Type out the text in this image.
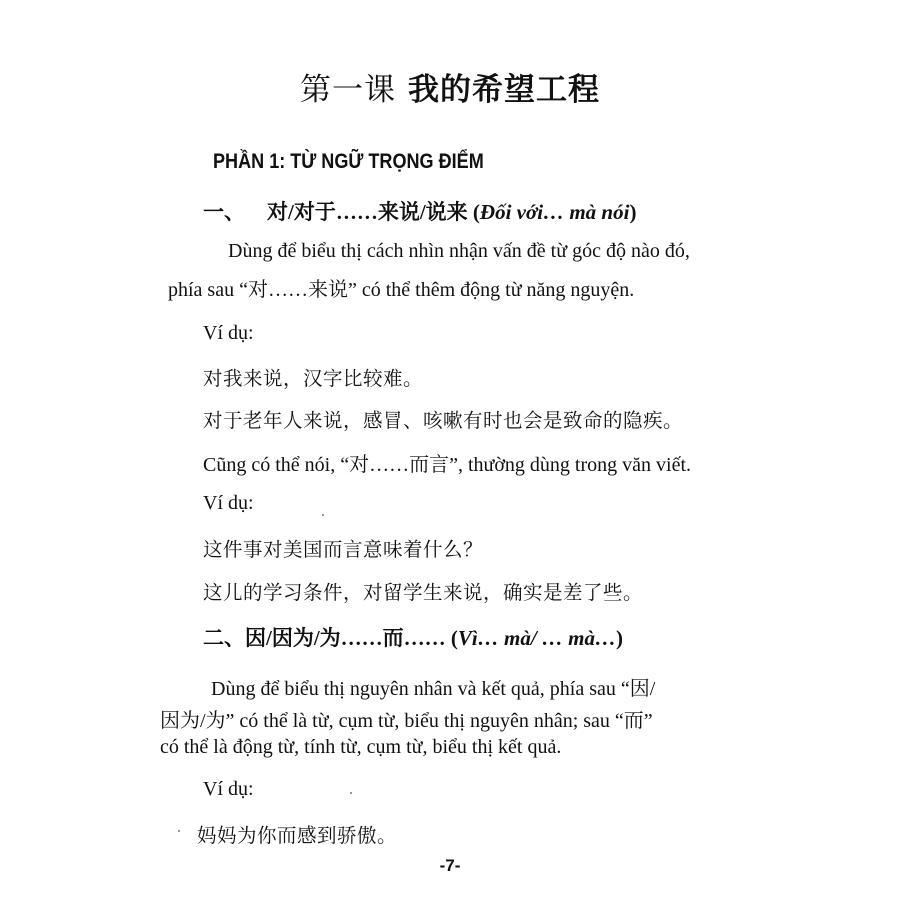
第一课 我的希望工程
PHẦN 1: TỪ NGỮ TRỌNG ĐIỂM
一、 对/对于……来说/说来 (Đối với… mà nói)
Dùng để biểu thị cách nhìn nhận vấn đề từ góc độ nào đó,
phía sau “对……来说” có thể thêm động từ năng nguyện.
Ví dụ:
对我来说，汉字比较难。
对于老年人来说，感冒、咳嗽有时也会是致命的隐疾。
Cũng có thể nói, “对……而言”, thường dùng trong văn viết.
Ví dụ:
这件事对美国而言意味着什么？
这儿的学习条件，对留学生来说，确实是差了些。
二、因/因为/为……而…… (Vì… mà/ … mà…)
Dùng để biểu thị nguyên nhân và kết quả, phía sau “因/
因为/为” có thể là từ, cụm từ, biểu thị nguyên nhân; sau “而”
có thể là động từ, tính từ, cụm từ, biểu thị kết quả.
Ví dụ:
妈妈为你而感到骄傲。
-7-
